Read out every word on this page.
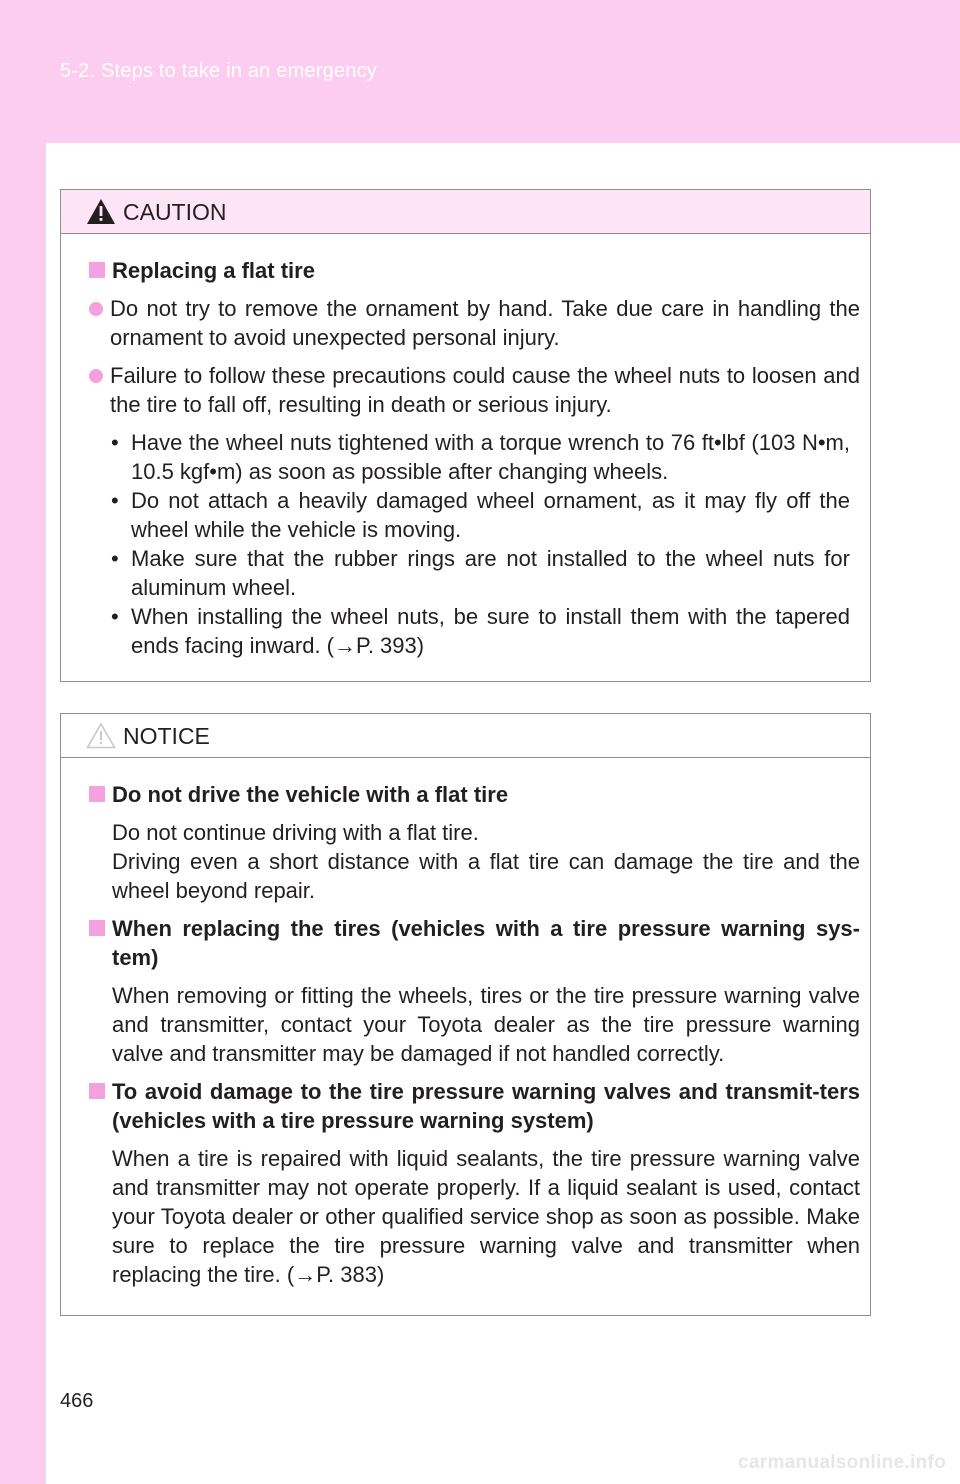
5-2. Steps to take in an emergency
CAUTION
Replacing a flat tire
Do not try to remove the ornament by hand. Take due care in handling the ornament to avoid unexpected personal injury.
Failure to follow these precautions could cause the wheel nuts to loosen and the tire to fall off, resulting in death or serious injury.
• Have the wheel nuts tightened with a torque wrench to 76 ft•lbf (103 N•m, 10.5 kgf•m) as soon as possible after changing wheels.
• Do not attach a heavily damaged wheel ornament, as it may fly off the wheel while the vehicle is moving.
• Make sure that the rubber rings are not installed to the wheel nuts for aluminum wheel.
• When installing the wheel nuts, be sure to install them with the tapered ends facing inward. (→P. 393)
NOTICE
Do not drive the vehicle with a flat tire
Do not continue driving with a flat tire.
Driving even a short distance with a flat tire can damage the tire and the wheel beyond repair.
When replacing the tires (vehicles with a tire pressure warning sys-tem)
When removing or fitting the wheels, tires or the tire pressure warning valve and transmitter, contact your Toyota dealer as the tire pressure warning valve and transmitter may be damaged if not handled correctly.
To avoid damage to the tire pressure warning valves and transmit-ters (vehicles with a tire pressure warning system)
When a tire is repaired with liquid sealants, the tire pressure warning valve and transmitter may not operate properly. If a liquid sealant is used, contact your Toyota dealer or other qualified service shop as soon as possible. Make sure to replace the tire pressure warning valve and transmitter when replacing the tire. (→P. 383)
466
carmanualsonline.info
